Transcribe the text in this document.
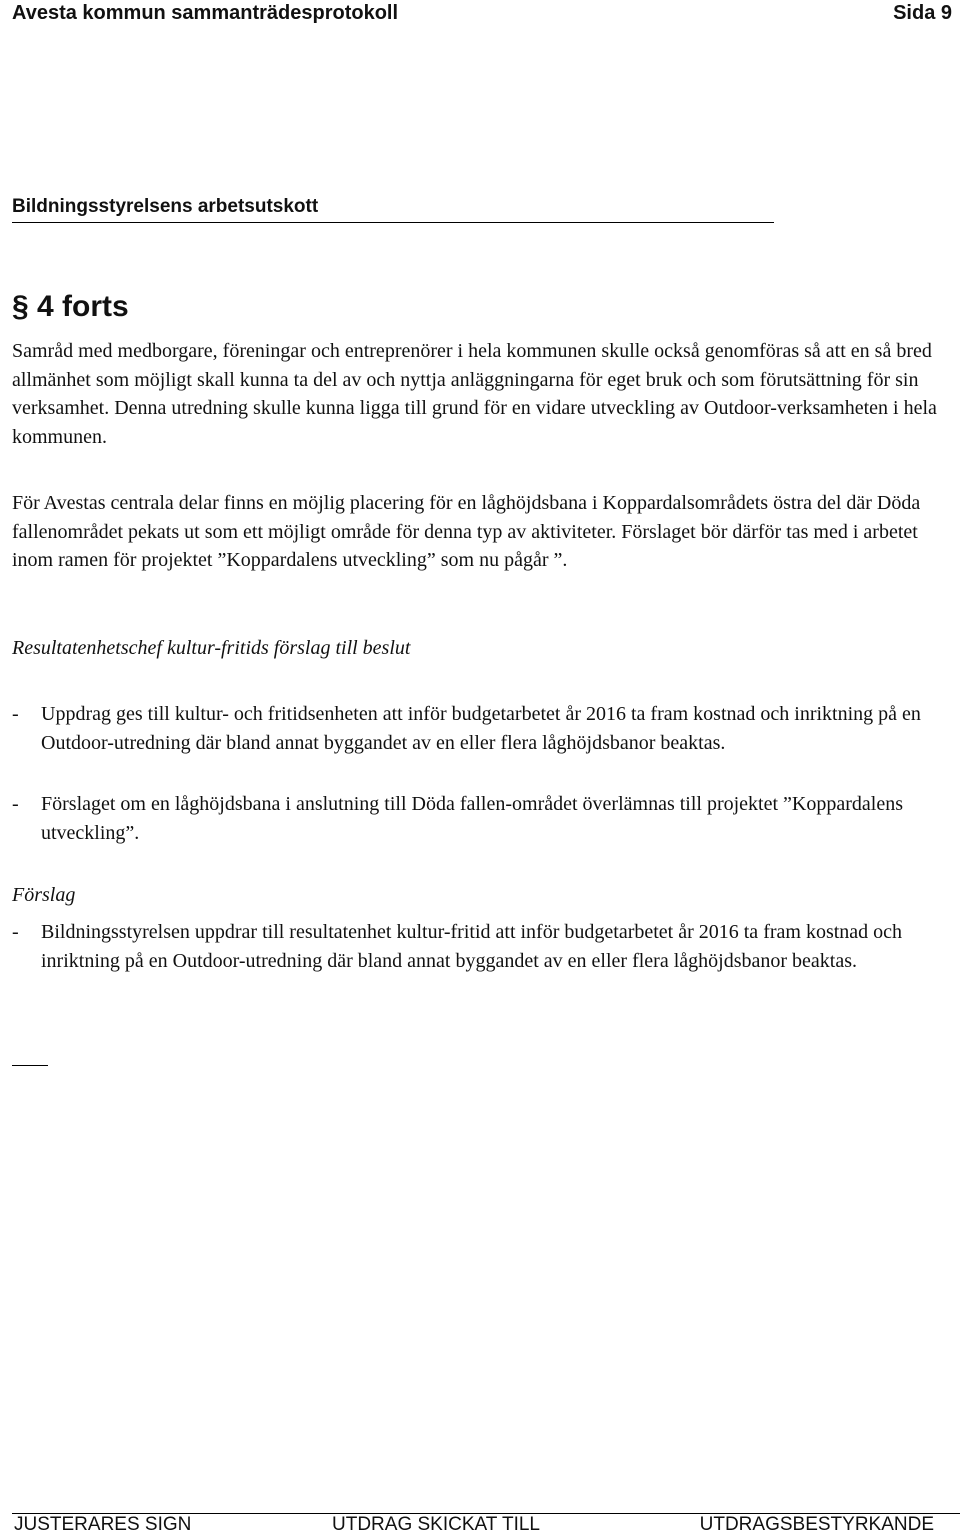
Avesta kommun sammanträdesprotokoll	Sida 9
Bildningsstyrelsens arbetsutskott
§ 4 forts

Samråd med medborgare, föreningar och entreprenörer i hela kommunen skulle också genomföras så att en så bred allmänhet som möjligt skall kunna ta del av och nyttja anläggningarna för eget bruk och som förutsättning för sin verksamhet. Denna utredning skulle kunna ligga till grund för en vidare utveckling av Outdoor-verksamheten i hela kommunen.

För Avestas centrala delar finns en möjlig placering för en låghöjdsbana i Koppardalsområdets östra del där Döda fallenområdet pekats ut som ett möjligt område för denna typ av aktiviteter. Förslaget bör därför tas med i arbetet inom ramen för projektet ”Koppardalens utveckling” som nu pågår ”.

Resultatenhetschef kultur-fritids förslag till beslut

- Uppdrag ges till kultur- och fritidsenheten att inför budgetarbetet år 2016 ta fram kostnad och inriktning på en Outdoor-utredning där bland annat byggandet av en eller flera låghöjdsbanor beaktas.
- Förslaget om en låghöjdsbana i anslutning till Döda fallen-området överlämnas till projektet ”Koppardalens utveckling”.

Förslag

- Bildningsstyrelsen uppdrar till resultatenhet kultur-fritid att inför budgetarbetet år 2016 ta fram kostnad och inriktning på en Outdoor-utredning där bland annat byggandet av en eller flera låghöjdsbanor beaktas.
JUSTERARES SIGN	UTDRAG SKICKAT TILL	UTDRAGSBESTYRKANDE
